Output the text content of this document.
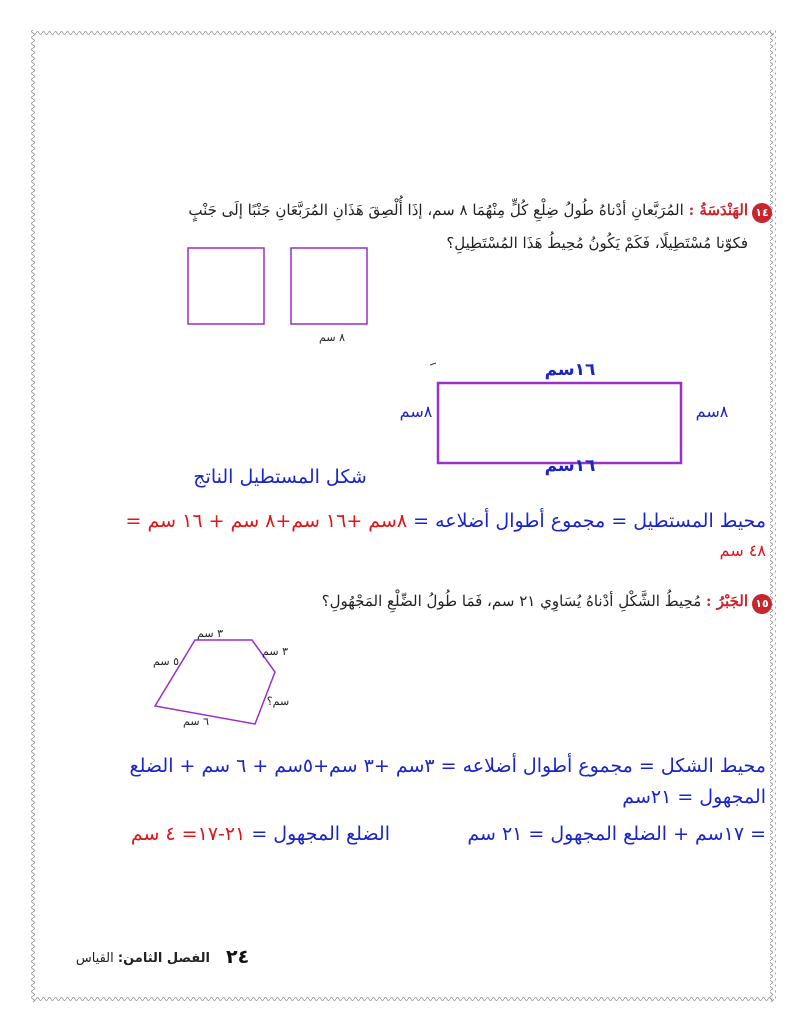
١٤
الهَنْدَسَةُ : المُرَبَّعانِ أدْناهُ طُولُ ضِلْعِ كُلٍّ مِنْهُمَا ٨ سم، إذَا أُلْصِقَ هَذَانِ المُرَبَّعَانِ جَنْبًا إلَى جَنْبٍ
فكوّنا مُسْتَطِيلًا، فَكَمْ يَكُونُ مُحِيطُ هَذَا المُسْتَطِيلِ؟
٨ سم
١٦سم
١٦سم
٨سم	٨سم
شكل المستطيل الناتج
محيط المستطيل = مجموع أطوال أضلاعه = ٨سم +١٦ سم+٨ سم + ١٦ سم =
٤٨ سم
١٥
الجَبْرُ : مُحِيطُ الشَّكْلِ أدْناهُ يُسَاوِي ٢١ سم، فَمَا طُولُ الضِّلْعِ المَجْهُولِ؟
٣ سم
٣ سم
٥ سم
٦ سم
سم؟
محيط الشكل = مجموع أطوال أضلاعه = ٣سم +٣ سم+٥سم + ٦ سم + الضلع
المجهول = ٢١سم
= ١٧سم + الضلع المجهول = ٢١ سم
الضلع المجهول = ٢١-١٧= ٤ سم
٢٤
الفصل الثامن: القياس
